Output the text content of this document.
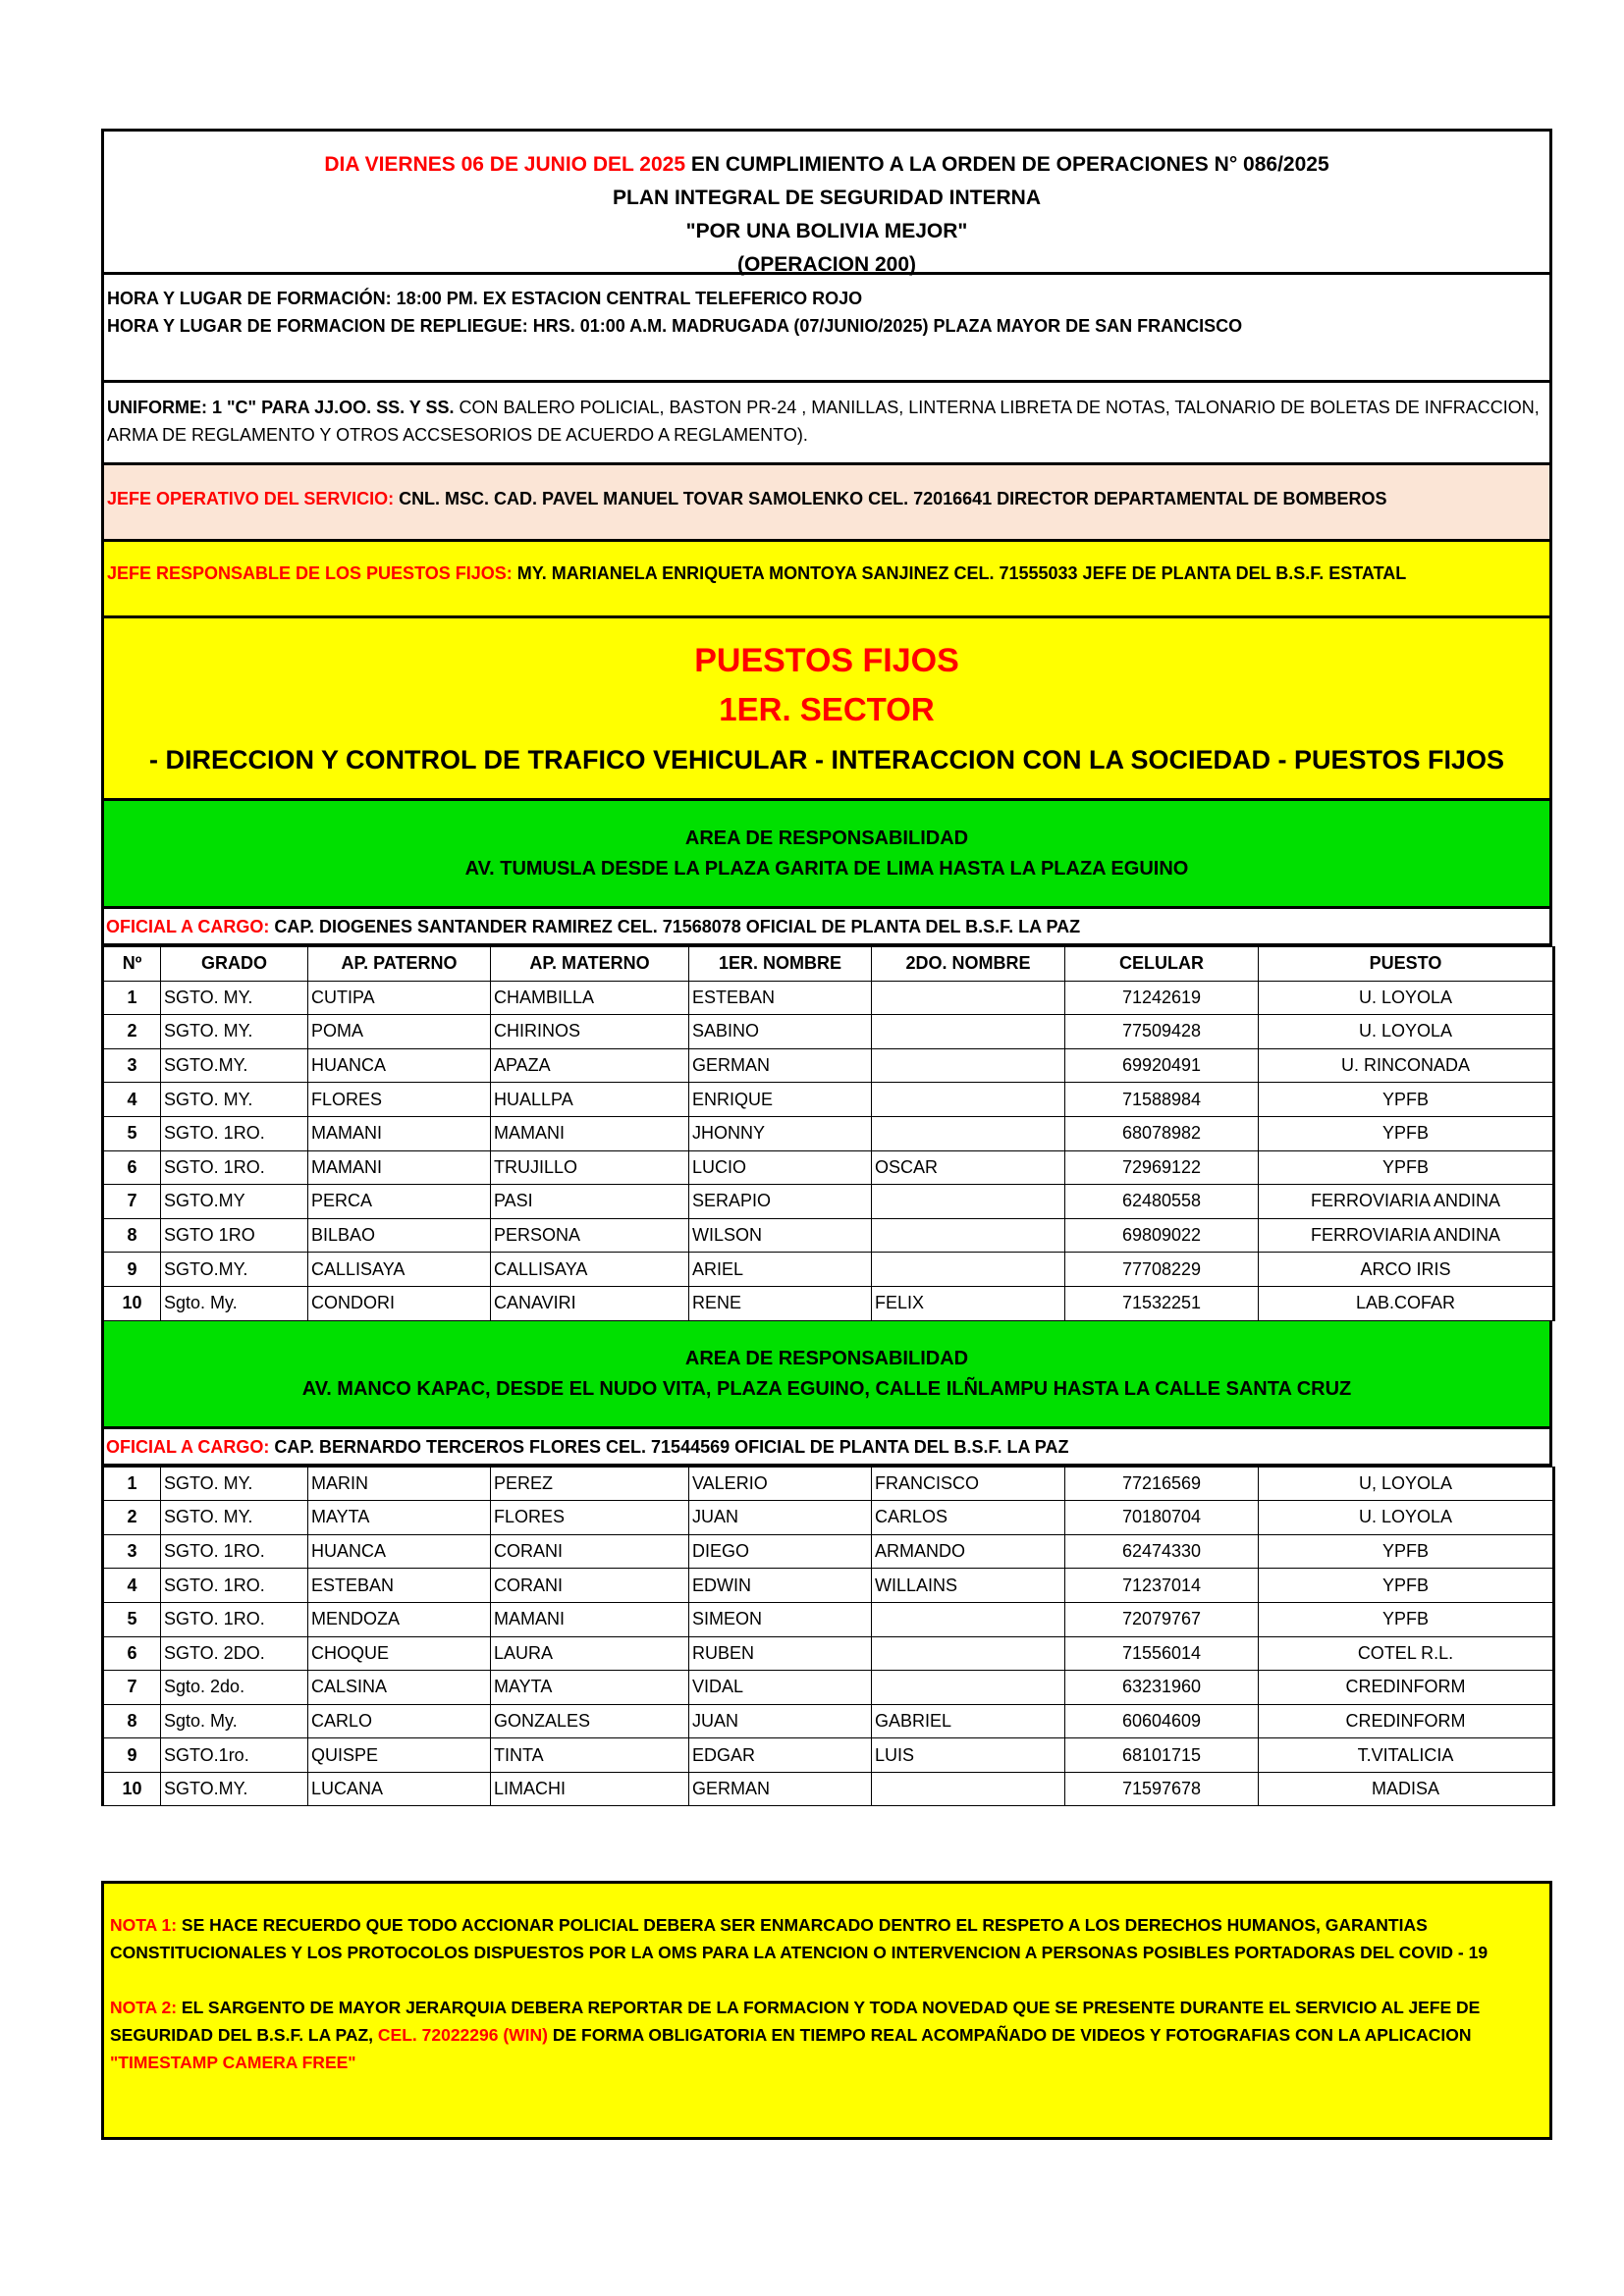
DIA VIERNES 06 DE JUNIO DEL 2025 EN CUMPLIMIENTO A LA ORDEN DE OPERACIONES N° 086/2025
PLAN INTEGRAL DE SEGURIDAD INTERNA
"POR UNA BOLIVIA MEJOR"
(OPERACION 200)
HORA Y LUGAR DE FORMACIÓN: 18:00 PM. EX ESTACION CENTRAL TELEFERICO ROJO
HORA Y LUGAR DE FORMACION DE REPLIEGUE: HRS. 01:00 A.M. MADRUGADA (07/JUNIO/2025) PLAZA MAYOR DE SAN FRANCISCO
UNIFORME: 1 "C" PARA JJ.OO. SS. Y SS. CON BALERO POLICIAL, BASTON PR-24 , MANILLAS, LINTERNA LIBRETA DE NOTAS, TALONARIO DE BOLETAS DE INFRACCION, ARMA DE REGLAMENTO Y OTROS ACCSESORIOS DE ACUERDO A REGLAMENTO).
JEFE OPERATIVO DEL SERVICIO: CNL. MSC. CAD. PAVEL MANUEL TOVAR SAMOLENKO CEL. 72016641 DIRECTOR DEPARTAMENTAL DE BOMBEROS
JEFE RESPONSABLE DE LOS PUESTOS FIJOS: MY. MARIANELA ENRIQUETA MONTOYA SANJINEZ CEL. 71555033 JEFE DE PLANTA DEL B.S.F. ESTATAL
PUESTOS FIJOS
1ER. SECTOR
- DIRECCION Y CONTROL DE TRAFICO VEHICULAR - INTERACCION CON LA SOCIEDAD - PUESTOS FIJOS
AREA DE RESPONSABILIDAD
AV. TUMUSLA DESDE LA PLAZA GARITA DE LIMA HASTA LA PLAZA EGUINO
OFICIAL A CARGO: CAP. DIOGENES SANTANDER RAMIREZ CEL. 71568078 OFICIAL DE PLANTA DEL B.S.F. LA PAZ
Nº	GRADO	AP. PATERNO	AP. MATERNO	1ER. NOMBRE	2DO. NOMBRE	CELULAR	PUESTO
1	SGTO. MY.	CUTIPA	CHAMBILLA	ESTEBAN		71242619	U. LOYOLA
2	SGTO. MY.	POMA	CHIRINOS	SABINO		77509428	U. LOYOLA
3	SGTO.MY.	HUANCA	APAZA	GERMAN		69920491	U. RINCONADA
4	SGTO. MY.	FLORES	HUALLPA	ENRIQUE		71588984	YPFB
5	SGTO. 1RO.	MAMANI	MAMANI	JHONNY		68078982	YPFB
6	SGTO. 1RO.	MAMANI	TRUJILLO	LUCIO	OSCAR	72969122	YPFB
7	SGTO.MY	PERCA	PASI	SERAPIO		62480558	FERROVIARIA ANDINA
8	SGTO 1RO	BILBAO	PERSONA	WILSON		69809022	FERROVIARIA ANDINA
9	SGTO.MY.	CALLISAYA	CALLISAYA	ARIEL		77708229	ARCO IRIS
10	Sgto. My.	CONDORI	CANAVIRI	RENE	FELIX	71532251	LAB.COFAR
AREA DE RESPONSABILIDAD
AV. MANCO KAPAC, DESDE EL NUDO VITA, PLAZA EGUINO, CALLE ILÑLAMPU HASTA LA CALLE SANTA CRUZ
OFICIAL A CARGO: CAP. BERNARDO TERCEROS FLORES CEL. 71544569 OFICIAL DE PLANTA DEL B.S.F. LA PAZ
1	SGTO. MY.	MARIN	PEREZ	VALERIO	FRANCISCO	77216569	U, LOYOLA
2	SGTO. MY.	MAYTA	FLORES	JUAN	CARLOS	70180704	U. LOYOLA
3	SGTO. 1RO.	HUANCA	CORANI	DIEGO	ARMANDO	62474330	YPFB
4	SGTO. 1RO.	ESTEBAN	CORANI	EDWIN	WILLAINS	71237014	YPFB
5	SGTO. 1RO.	MENDOZA	MAMANI	SIMEON		72079767	YPFB
6	SGTO. 2DO.	CHOQUE	LAURA	RUBEN		71556014	COTEL R.L.
7	Sgto. 2do.	CALSINA	MAYTA	VIDAL		63231960	CREDINFORM
8	Sgto. My.	CARLO	GONZALES	JUAN	GABRIEL	60604609	CREDINFORM
9	SGTO.1ro.	QUISPE	TINTA	EDGAR	LUIS	68101715	T.VITALICIA
10	SGTO.MY.	LUCANA	LIMACHI	GERMAN		71597678	MADISA

NOTA 1: SE HACE RECUERDO QUE TODO ACCIONAR POLICIAL DEBERA SER ENMARCADO DENTRO EL RESPETO A LOS DERECHOS HUMANOS, GARANTIAS CONSTITUCIONALES Y LOS PROTOCOLOS DISPUESTOS POR LA OMS PARA LA ATENCION O INTERVENCION A PERSONAS POSIBLES PORTADORAS DEL COVID - 19

NOTA 2: EL SARGENTO DE MAYOR JERARQUIA DEBERA REPORTAR DE LA FORMACION Y TODA NOVEDAD QUE SE PRESENTE DURANTE EL SERVICIO AL JEFE DE SEGURIDAD DEL B.S.F. LA PAZ, CEL. 72022296 (WIN) DE FORMA OBLIGATORIA EN TIEMPO REAL ACOMPAÑADO DE VIDEOS Y FOTOGRAFIAS CON LA APLICACION "TIMESTAMP CAMERA FREE"
